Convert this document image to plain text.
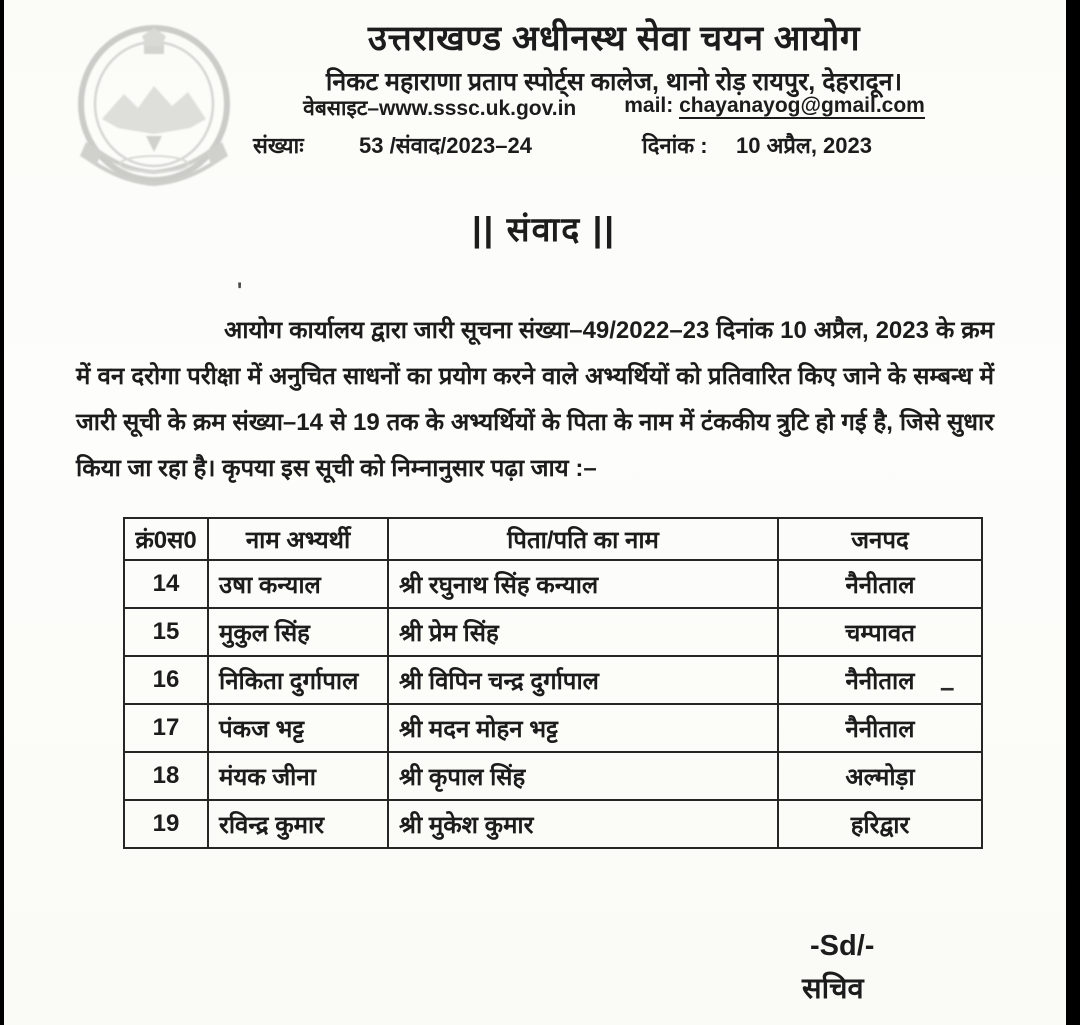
उत्तराखण्ड अधीनस्थ सेवा चयन आयोग
निकट महाराणा प्रताप स्पोर्ट्स कालेज, थानो रोड़ रायपुर, देहरादून।
वेबसाइट–www.sssc.uk.gov.in mail: chayanayog@gmail.com
संख्याः	53 /संवाद/2023–24	दिनांक : 10 अप्रैल, 2023
|| संवाद ||
'

आयोग कार्यालय द्वारा जारी सूचना संख्या–49/2022–23 दिनांक 10 अप्रैल, 2023 के क्रम में वन दरोगा परीक्षा में अनुचित साधनों का प्रयोग करने वाले अभ्यर्थियों को प्रतिवारित किए जाने के सम्बन्ध में जारी सूची के क्रम संख्या–14 से 19 तक के अभ्यर्थियों के पिता के नाम में टंककीय त्रुटि हो गई है, जिसे सुधार किया जा रहा है। कृपया इस सूची को निम्नानुसार पढ़ा जाय :–

क्रं0स0	नाम अभ्यर्थी	पिता/पति का नाम	जनपद
14	उषा कन्याल	श्री रघुनाथ सिंह कन्याल	नैनीताल
15	मुकुल सिंह	श्री प्रेम सिंह	चम्पावत
16	निकिता दुर्गापाल	श्री विपिन चन्द्र दुर्गापाल	नैनीताल
17	पंकज भट्ट	श्री मदन मोहन भट्ट	नैनीताल
18	मंयक जीना	श्री कृपाल सिंह	अल्मोड़ा
19	रविन्द्र कुमार	श्री मुकेश कुमार	हरिद्वार
–
-Sd/-
सचिव
